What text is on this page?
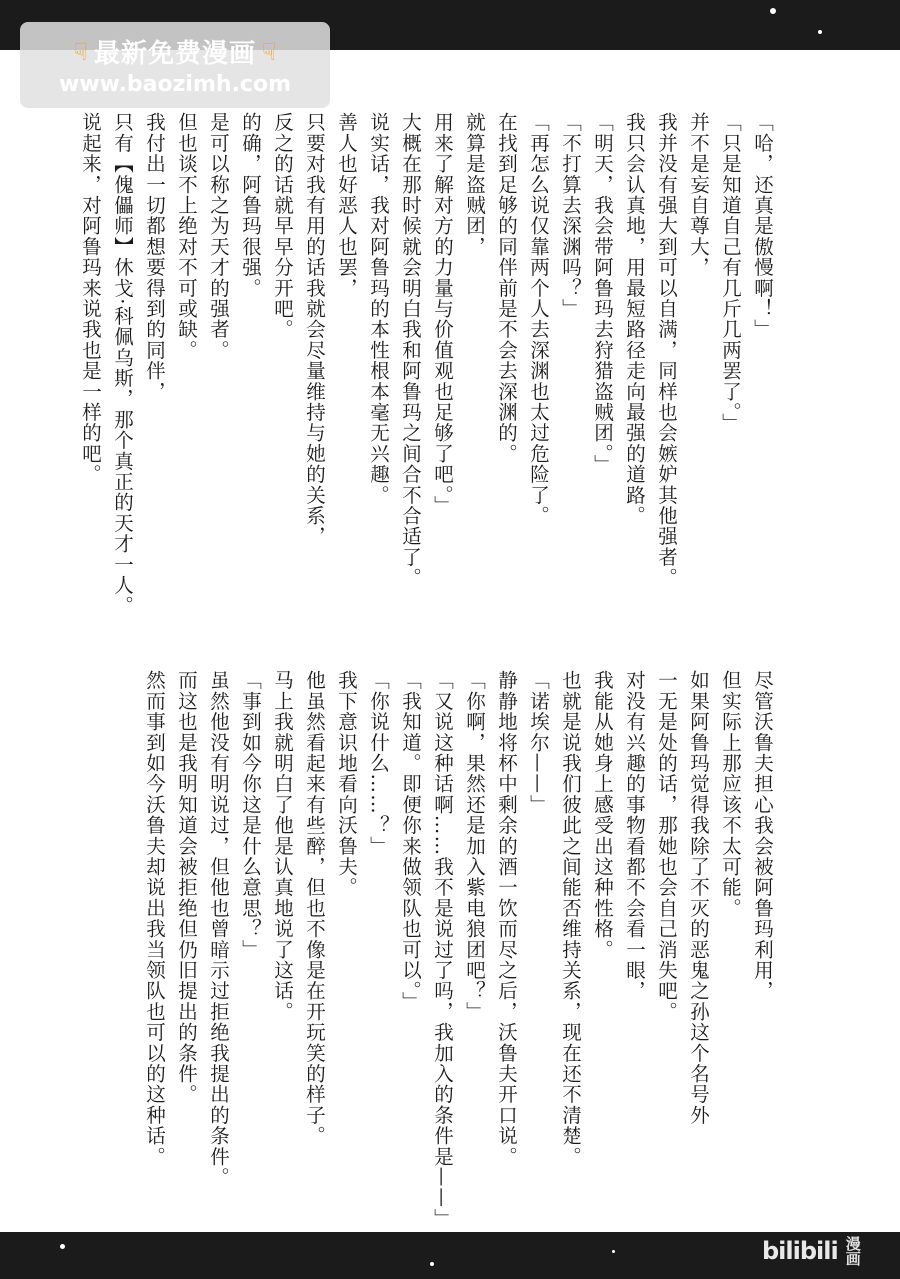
☟ 最新免费漫画 ☟
www.baozimh.com
「哈，还真是傲慢啊！」
「只是知道自己有几斤几两罢了。」
并不是妄自尊大，
我并没有强大到可以自满，同样也会嫉妒其他强者。
我只会认真地，用最短路径走向最强的道路。
「明天，我会带阿鲁玛去狩猎盗贼团。」
「不打算去深渊吗？」
「再怎么说仅靠两个人去深渊也太过危险了。
在找到足够的同伴前是不会去深渊的。
就算是盗贼团，
用来了解对方的力量与价值观也足够了吧。」
大概在那时候就会明白我和阿鲁玛之间合不合适了。
说实话，我对阿鲁玛的本性根本毫无兴趣。
善人也好恶人也罢，
只要对我有用的话我就会尽量维持与她的关系，
反之的话就早早分开吧。
的确，阿鲁玛很强。
是可以称之为天才的强者。
但也谈不上绝对不可或缺。
我付出一切都想要得到的同伴，
只有【傀儡师】休戈·科佩乌斯，那个真正的天才一人。
说起来，对阿鲁玛来说我也是一样的吧。
尽管沃鲁夫担心我会被阿鲁玛利用，
但实际上那应该不太可能。
如果阿鲁玛觉得我除了不灭的恶鬼之孙这个名号外
一无是处的话，那她也会自己消失吧。
对没有兴趣的事物看都不会看一眼，
我能从她身上感受出这种性格。
也就是说我们彼此之间能否维持关系，现在还不清楚。
「诺埃尔——」
静静地将杯中剩余的酒一饮而尽之后，沃鲁夫开口说。
「你啊，果然还是加入紫电狼团吧？」
「又说这种话啊……我不是说过了吗，我加入的条件是——」
「我知道。即便你来做领队也可以。」
「你说什么……？」
我下意识地看向沃鲁夫。
他虽然看起来有些醉，但也不像是在开玩笑的样子。
马上我就明白了他是认真地说了这话。
「事到如今你这是什么意思？」
虽然他没有明说过，但他也曾暗示过拒绝我提出的条件。
而这也是我明知道会被拒绝但仍旧提出的条件。
然而事到如今沃鲁夫却说出我当领队也可以的这种话。
bilibili 漫画
